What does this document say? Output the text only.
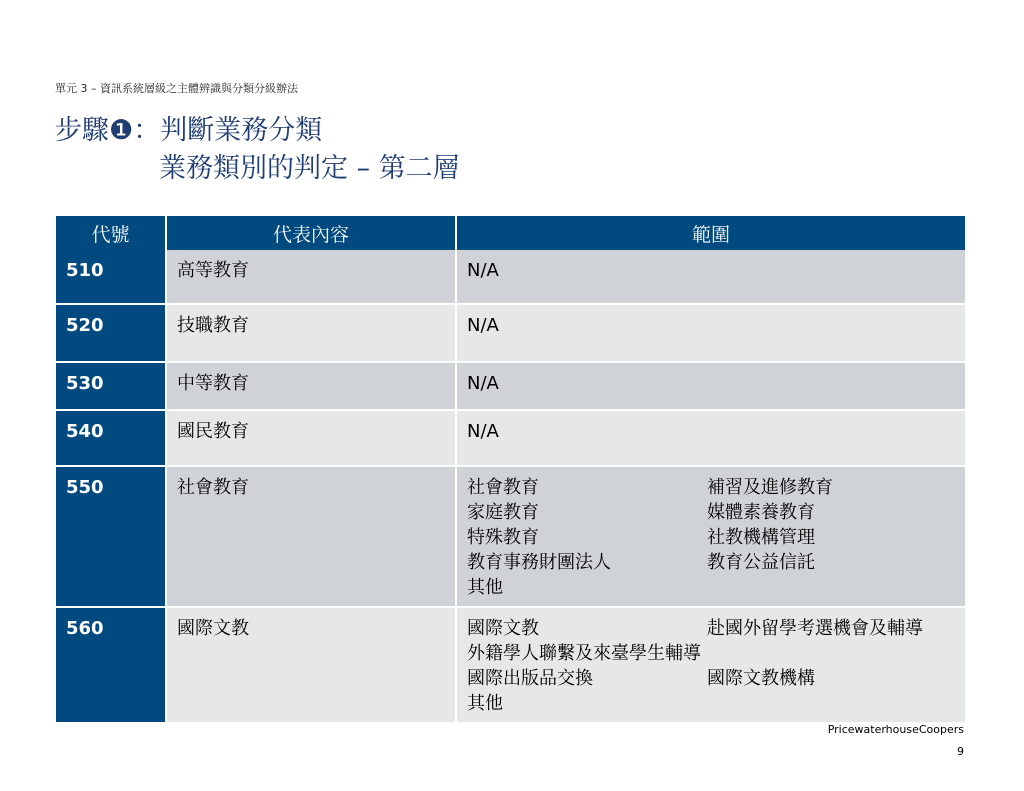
單元 3 – 資訊系統層級之主體辨識與分類分級辦法
步驟❶：判斷業務分類
業務類別的判定 – 第二層
代號	代表內容	範圍
510	高等教育	N/A

520	技職教育	N/A

530	中等教育	N/A

540	國民教育	N/A

550	社會教育	社會教育 補習及進修教育
家庭教育 媒體素養教育
特殊教育 社教機構管理
教育事務財團法人 教育公益信託
其他

560	國際文教	國際文教 赴國外留學考選機會及輔導
外籍學人聯繫及來臺學生輔導
國際出版品交換 國際文教機構
其他
PricewaterhouseCoopers
9
